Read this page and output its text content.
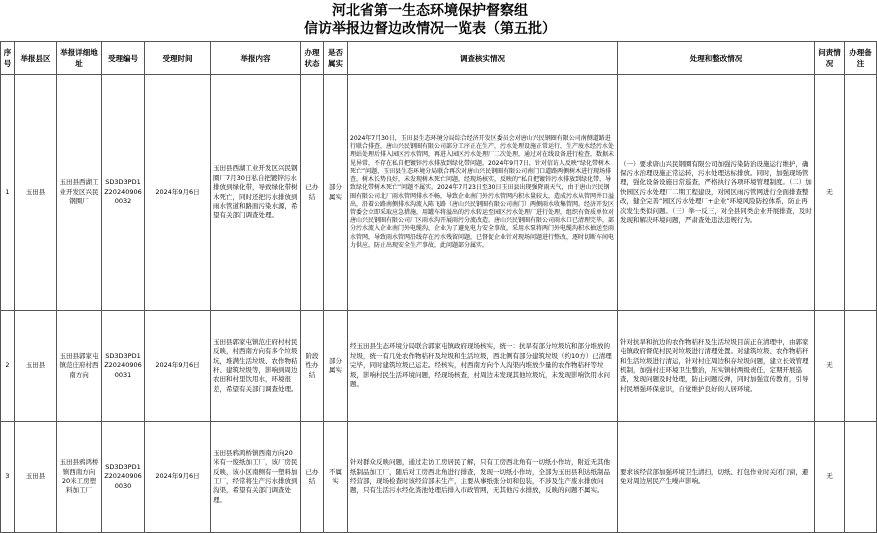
河北省第一生态环境保护督察组
信访举报边督边改情况一览表（第五批）
序号	举报县区	举报详细地址	受理编号	受理时间	举报内容	办理状态	是否属实	调查核实情况	处理和整改情况	问责情况	办理备注
1	玉田县	玉田县西湖工业开发区兴民钢圈厂	SD3D3PD1Z202409060032	2024年9月6日	玉田县西湖工业开发区兴民钢圈厂7月30日私自把镀锌污水排放到绿化带，导致绿化带树木死亡，同时还把污水排放到雨水管道和路面污染水源，希望有关部门调查处理。	已办结	部分属实	2024年7月30日，玉田县生态环境分局综合经济开发区委员会对唐山兴民钢圈有限公司南侧道路进行联合排查，唐山兴民钢圈有限公司部分工序正在生产，污水处理设施正常运行，生产废水经污水处理站处理后排入园区污水管网，再进入园区污水处理厂二次处理，通过对在线设备进行检查，数据未见异常，不存在私自把镀锌污水排放到绿化带问题。2024年9月7日，针对信访人反映“绿化带树木死亡”问题，玉田县生态环境分局联合再次对唐山兴民钢圈有限公司南门口道路两侧树木进行现场排查，树木长势良好，未发现树木死亡问题。经现场核实，反映的“私自把镀锌污水排放到绿化带，导致绿化带树木死亡”问题不属实。2024年7月23日至30日玉田县出现强降雨天气，由于唐山兴民钢圈有限公司北厂雨水管网排水不畅，导致企业南门外污水管网内积水量较大，造成污水从管网井口溢出，沿着公路南侧排水沟流入陈飞路（唐山兴民钢圈有限公司南门）两侧雨水收集管网。经济开发区管委会立即采取应急措施，用罐车将溢出的污水转运至园区污水处理厂进行处理，组织有资质单位对唐山兴民钢圈有限公司厂区雨水沟开展雨污分流改造。唐山兴民钢圈有限公司雨水口已清理完毕，部分污水流入企业南门外电缆沟，企业为了避免电力安全事故，采用水泵将两门外电缆沟积水抽送至雨水管网，导致雨水管网沿线存在污水残留问题，已督促企业针对现场问题进行整改，逐时切断车间电力供应，防止出现安全生产事故，此问题部分属实。	（一）要求唐山兴民钢圈有限公司加强污染防治设施运行维护，确保污水治理设施正常运转，污水处理达标排放。同时，加强现场管理，强化设备设施日常巡查，严格执行各项环境管理制度。（二）加快园区污水处理厂二期工程建设，对园区雨污管网进行全面排查整改，健全完善“园区污水处理厂+企业”环境风险防控体系，防止再次发生类似问题。（三）举一反三，对全县同类企业开展排查，及时发现和解决环境问题，严肃查处违法违规行为。	无	
2	玉田县	玉田县郭家屯镇范庄府村西南方向	SD3D3PD1Z202409060031	2024年9月6日	玉田县郭家屯镇范庄府村村民反映，村西南方向有多个垃圾坑，堆满生活垃圾、农作物秸秆、建筑垃圾等，影响到周边农田和村里饮用水，环境很差，希望有关部门调查处理。	阶段性办结	部分属实	经玉田县生态环境分局联合郭家屯镇政府现场核实，统一：抗旱有部分垃圾坑和部分堆放的垃圾，统一有几处农作物秸秆及垃圾和生活垃圾，西北侧有部分建筑垃圾（约10方）已清理完毕，同时建筑垃圾已运走。经核实，村西南方向个人沟渠内堆放少量的农作物秸秆等垃圾，影响村民生活环境问题，经现场核查，村周边未发现其他垃圾坑，未发现影响饮用水问题。	针对抗旱和抗边的农作物秸秆及生活垃圾目前正在清理中，由郭家屯镇政府督促村民对垃圾进行清理处置。对建筑垃圾、农作物秸秆和生活垃圾进行清运，针对村庄周边积存垃圾问题，建立长效管理机制，加强村庄环境卫生整治，压实镇村两级责任，定期开展巡查，发现问题及时处理，防止问题反弹，同时加强宣传教育，引导村民增强环保意识，自觉维护良好的人居环境。	无	
3	玉田县	玉田县鸦鸿桥镇西南方向20米工房塑料加工厂	SD3D3PD1Z202409060030	2024年9月6日	玉田县鸦鸿桥镇西南方向20米有一废纸加工厂，该厂房民反映，该小区南侧有一塑料加工厂，经常将生产污水排放到沟渠，希望有关部门调查处理。	已办结	不属实	针对群众反映问题，通过走访工房居民了解，只有工房西北角有一切纸小作坊，附近无其他纸制品加工厂，随后对工房西北角进行排查，发现一切纸小作坊，全部为玉田县利达纸制品经营部，现场检查时该经营部未生产，主要从事纸张分切和包装，不涉及生产废水排放问题，只有生活污水经化粪池处理后排入市政管网，无其他污水排放，反映的问题不属实。	要求该经营部加强环境卫生清扫，切纸、打包作业时关闭门窗，避免对周边居民产生噪声影响。	无	
